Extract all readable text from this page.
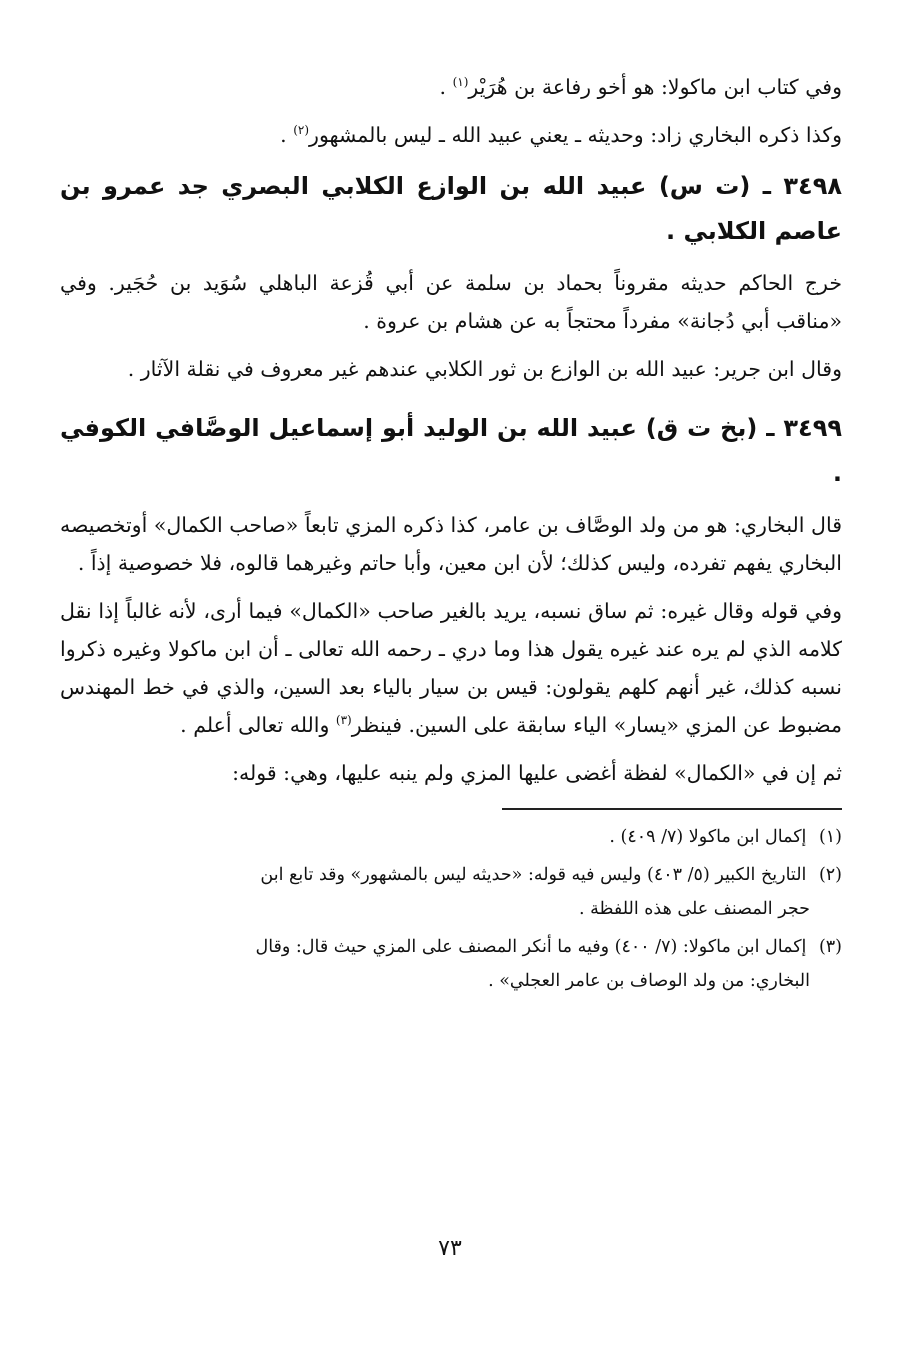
وفي كتاب ابن ماكولا: هو أخو رفاعة بن هُرَيْر$^{(١)}$ .
وكذا ذكره البخاري زاد: وحديثه ـ يعني عبيد الله ـ ليس بالمشهور$^{(٢)}$ .
٣٤٩٨ ـ (ت س) عبيد الله بن الوازع الكلابي البصري جد عمرو بن عاصم الكلابي .
خرج الحاكم حديثه مقروناً بحماد بن سلمة عن أبي قُزعة الباهلي سُوَيد بن حُجَير. وفي «مناقب أبي دُجانة» مفرداً محتجاً به عن هشام بن عروة .
وقال ابن جرير: عبيد الله بن الوازع بن ثور الكلابي عندهم غير معروف في نقلة الآثار .
٣٤٩٩ ـ (بخ ت ق) عبيد الله بن الوليد أبو إسماعيل الوصَّافي الكوفي .
قال البخاري: هو من ولد الوصَّاف بن عامر، كذا ذكره المزي تابعاً «صاحب الكمال» أوتخصيصه البخاري يفهم تفرده، وليس كذلك؛ لأن ابن معين، وأبا حاتم وغيرهما قالوه، فلا خصوصية إذاً .
وفي قوله وقال غيره: ثم ساق نسبه، يريد بالغير صاحب «الكمال» فيما أرى، لأنه غالباً إذا نقل كلامه الذي لم يره عند غيره يقول هذا وما دري ـ رحمه الله تعالى ـ أن ابن ماكولا وغيره ذكروا نسبه كذلك، غير أنهم كلهم يقولون: قيس بن سيار بالياء بعد السين، والذي في خط المهندس مضبوط عن المزي «يسار» الياء سابقة على السين. فينظر$^{(٣)}$ والله تعالى أعلم .
ثم إن في «الكمال» لفظة أغضى عليها المزي ولم ينبه عليها، وهي: قوله:
(١) إكمال ابن ماكولا (٧/ ٤٠٩) .
(٢) التاريخ الكبير (٥/ ٤٠٣) وليس فيه قوله: «حديثه ليس بالمشهور» وقد تابع ابن
حجر المصنف على هذه اللفظة .
(٣) إكمال ابن ماكولا: (٧/ ٤٠٠) وفيه ما أنكر المصنف على المزي حيث قال: وقال
البخاري: من ولد الوصاف بن عامر العجلي» .
٧٣
